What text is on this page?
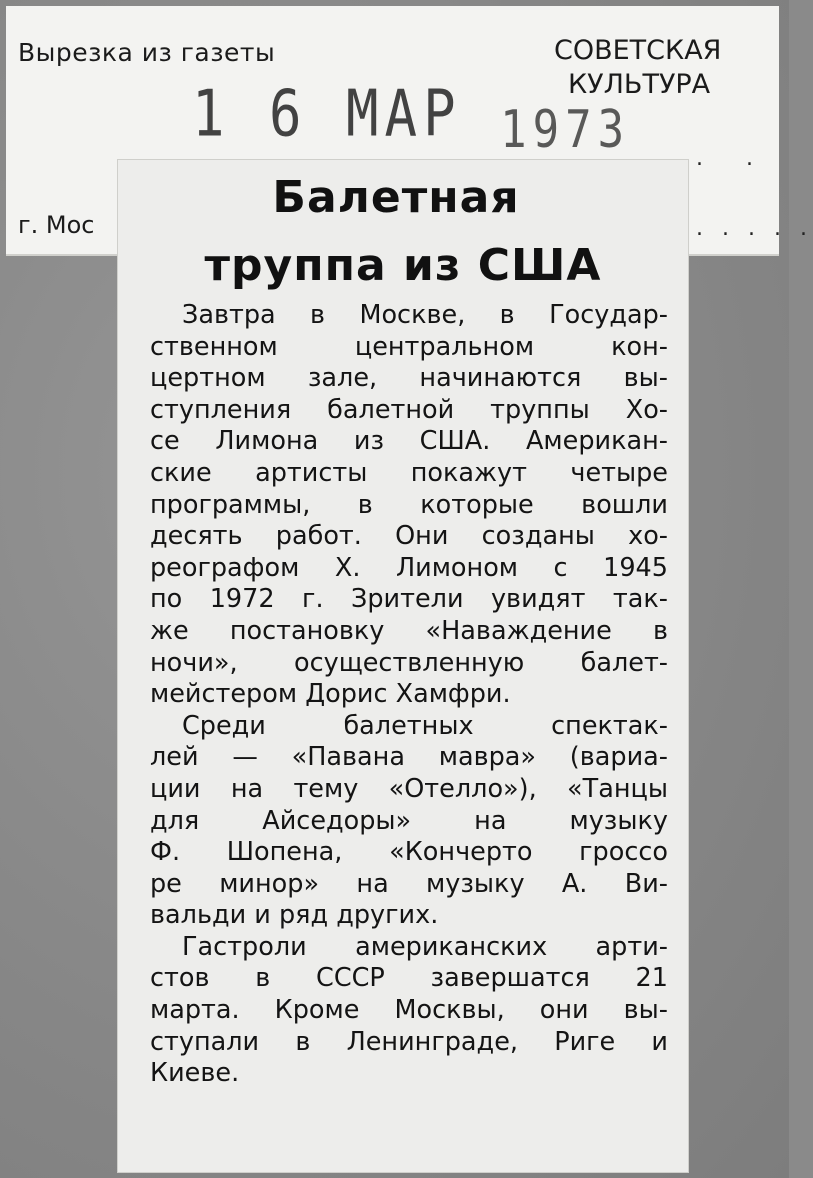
Вырезка из газеты	СОВЕТСКАЯ
КУЛЬТУРА
г. Мос
. .
. . . . .
1 6 МАР 1973
Балетная
труппа из США
Завтра в Москве, в Государ-
ственном центральном кон-
цертном зале, начинаются вы-
ступления балетной труппы Хо-
се Лимона из США. Американ-
ские артисты покажут четыре
программы, в которые вошли
десять работ. Они созданы хо-
реографом Х. Лимоном с 1945
по 1972 г. Зрители увидят так-
же постановку «Наваждение в
ночи», осуществленную балет-
мейстером Дорис Хамфри.
Среди балетных спектак-
лей — «Павана мавра» (вариа-
ции на тему «Отелло»), «Танцы
для Айседоры» на музыку
Ф. Шопена, «Кончерто гроссо
ре минор» на музыку А. Ви-
вальди и ряд других.
Гастроли американских арти-
стов в СССР завершатся 21
марта. Кроме Москвы, они вы-
ступали в Ленинграде, Риге и
Киеве.
